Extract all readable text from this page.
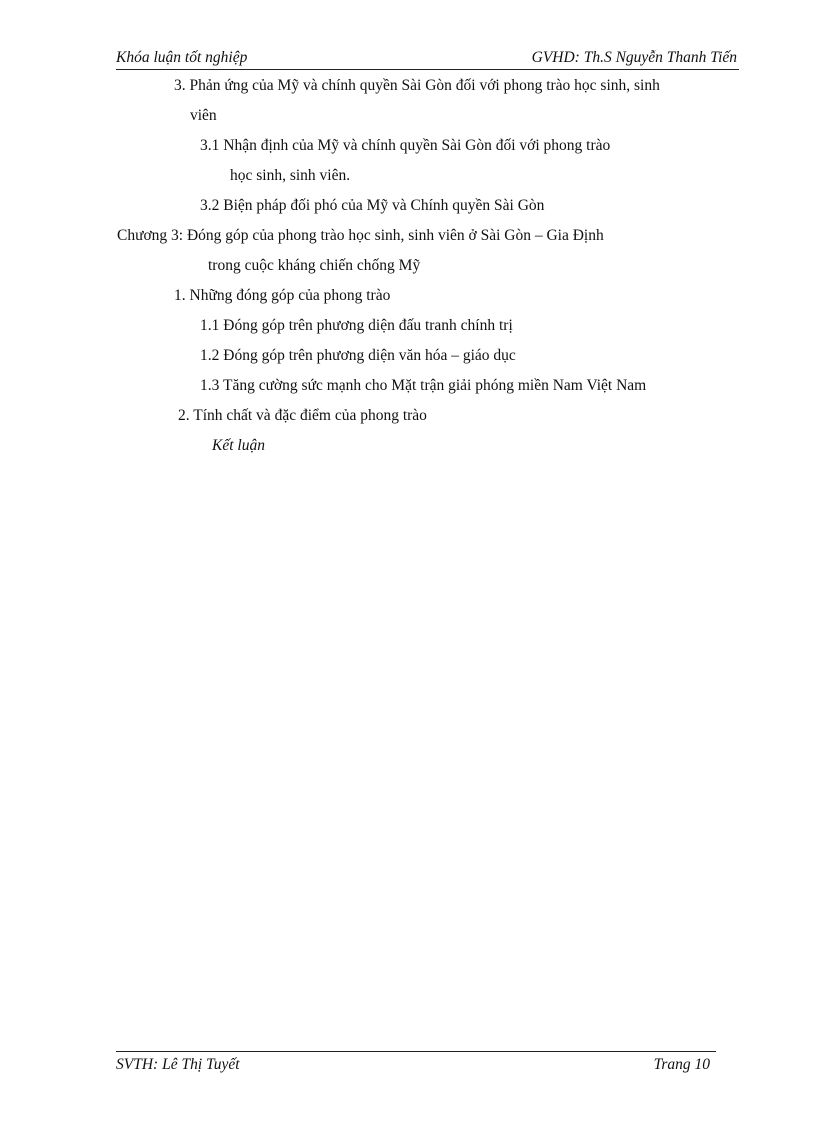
Khóa luận tốt nghiệp	GVHD: Th.S Nguyễn Thanh Tiến
3. Phản ứng của Mỹ và chính quyền Sài Gòn đối với phong trào học sinh, sinh
viên
3.1 Nhận định của Mỹ và chính quyền Sài Gòn đối với phong trào
học sinh, sinh viên.
3.2 Biện pháp đối phó của Mỹ và Chính quyền Sài Gòn
Chương 3: Đóng góp của phong trào học sinh, sinh viên ở Sài Gòn – Gia Định
trong cuộc kháng chiến chống Mỹ
1. Những đóng góp của phong trào
1.1 Đóng góp trên phương diện đấu tranh chính trị
1.2 Đóng góp trên phương diện văn hóa – giáo dục
1.3 Tăng cường sức mạnh cho Mặt trận giải phóng miền Nam Việt Nam
2. Tính chất và đặc điểm của phong trào
Kết luận
SVTH: Lê Thị Tuyết	Trang 10
